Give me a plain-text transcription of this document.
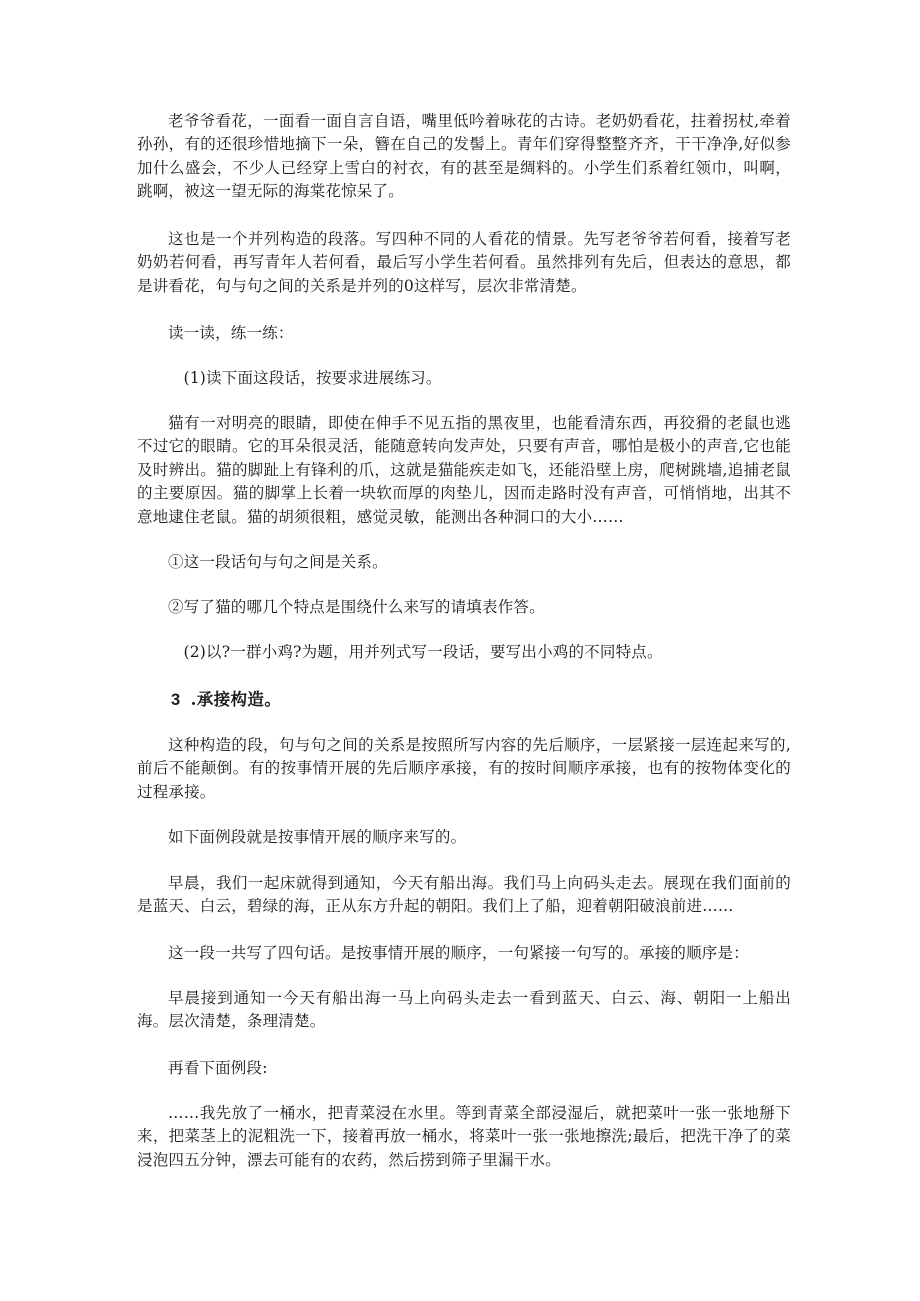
老爷爷看花，一面看一面自言自语，嘴里低吟着咏花的古诗。老奶奶看花，拄着拐杖,牵着孙孙，有的还很珍惜地摘下一朵，簪在自己的发髻上。青年们穿得整整齐齐，干干净净,好似参加什么盛会，不少人已经穿上雪白的衬衣，有的甚至是绸料的。小学生们系着红领巾，叫啊，跳啊，被这一望无际的海棠花惊呆了。

这也是一个并列构造的段落。写四种不同的人看花的情景。先写老爷爷若何看，接着写老奶奶若何看，再写青年人若何看，最后写小学生若何看。虽然排列有先后，但表达的意思，都是讲看花，句与句之间的关系是并列的0这样写，层次非常清楚。

读一读，练一练：

(1)读下面这段话，按要求进展练习。

猫有一对明亮的眼睛，即使在伸手不见五指的黑夜里，也能看清东西，再狡猾的老鼠也逃不过它的眼睛。它的耳朵很灵活，能随意转向发声处，只要有声音，哪怕是极小的声音,它也能及时辨出。猫的脚趾上有锋利的爪，这就是猫能疾走如飞，还能沿壁上房，爬树跳墙,追捕老鼠的主要原因。猫的脚掌上长着一块软而厚的肉垫儿，因而走路时没有声音，可悄悄地，出其不意地逮住老鼠。猫的胡须很粗，感觉灵敏，能测出各种洞口的大小……

①这一段话句与句之间是关系。

②写了猫的哪几个特点是围绕什么来写的请填表作答。

(2)以?一群小鸡?为题，用并列式写一段话，要写出小鸡的不同特点。

3 .承接构造。

这种构造的段，句与句之间的关系是按照所写内容的先后顺序，一层紧接一层连起来写的,前后不能颠倒。有的按事情开展的先后顺序承接，有的按时间顺序承接，也有的按物体变化的过程承接。

如下面例段就是按事情开展的顺序来写的。

早晨，我们一起床就得到通知，今天有船出海。我们马上向码头走去。展现在我们面前的是蓝天、白云，碧绿的海，正从东方升起的朝阳。我们上了船，迎着朝阳破浪前进……

这一段一共写了四句话。是按事情开展的顺序，一句紧接一句写的。承接的顺序是：

早晨接到通知一今天有船出海一马上向码头走去一看到蓝天、白云、海、朝阳一上船出海。层次清楚，条理清楚。

再看下面例段:

……我先放了一桶水，把青菜浸在水里。等到青菜全部浸湿后，就把菜叶一张一张地掰下来，把菜茎上的泥粗洗一下，接着再放一桶水，将菜叶一张一张地擦洗;最后，把洗干净了的菜浸泡四五分钟，漂去可能有的农药，然后捞到筛子里漏干水。
